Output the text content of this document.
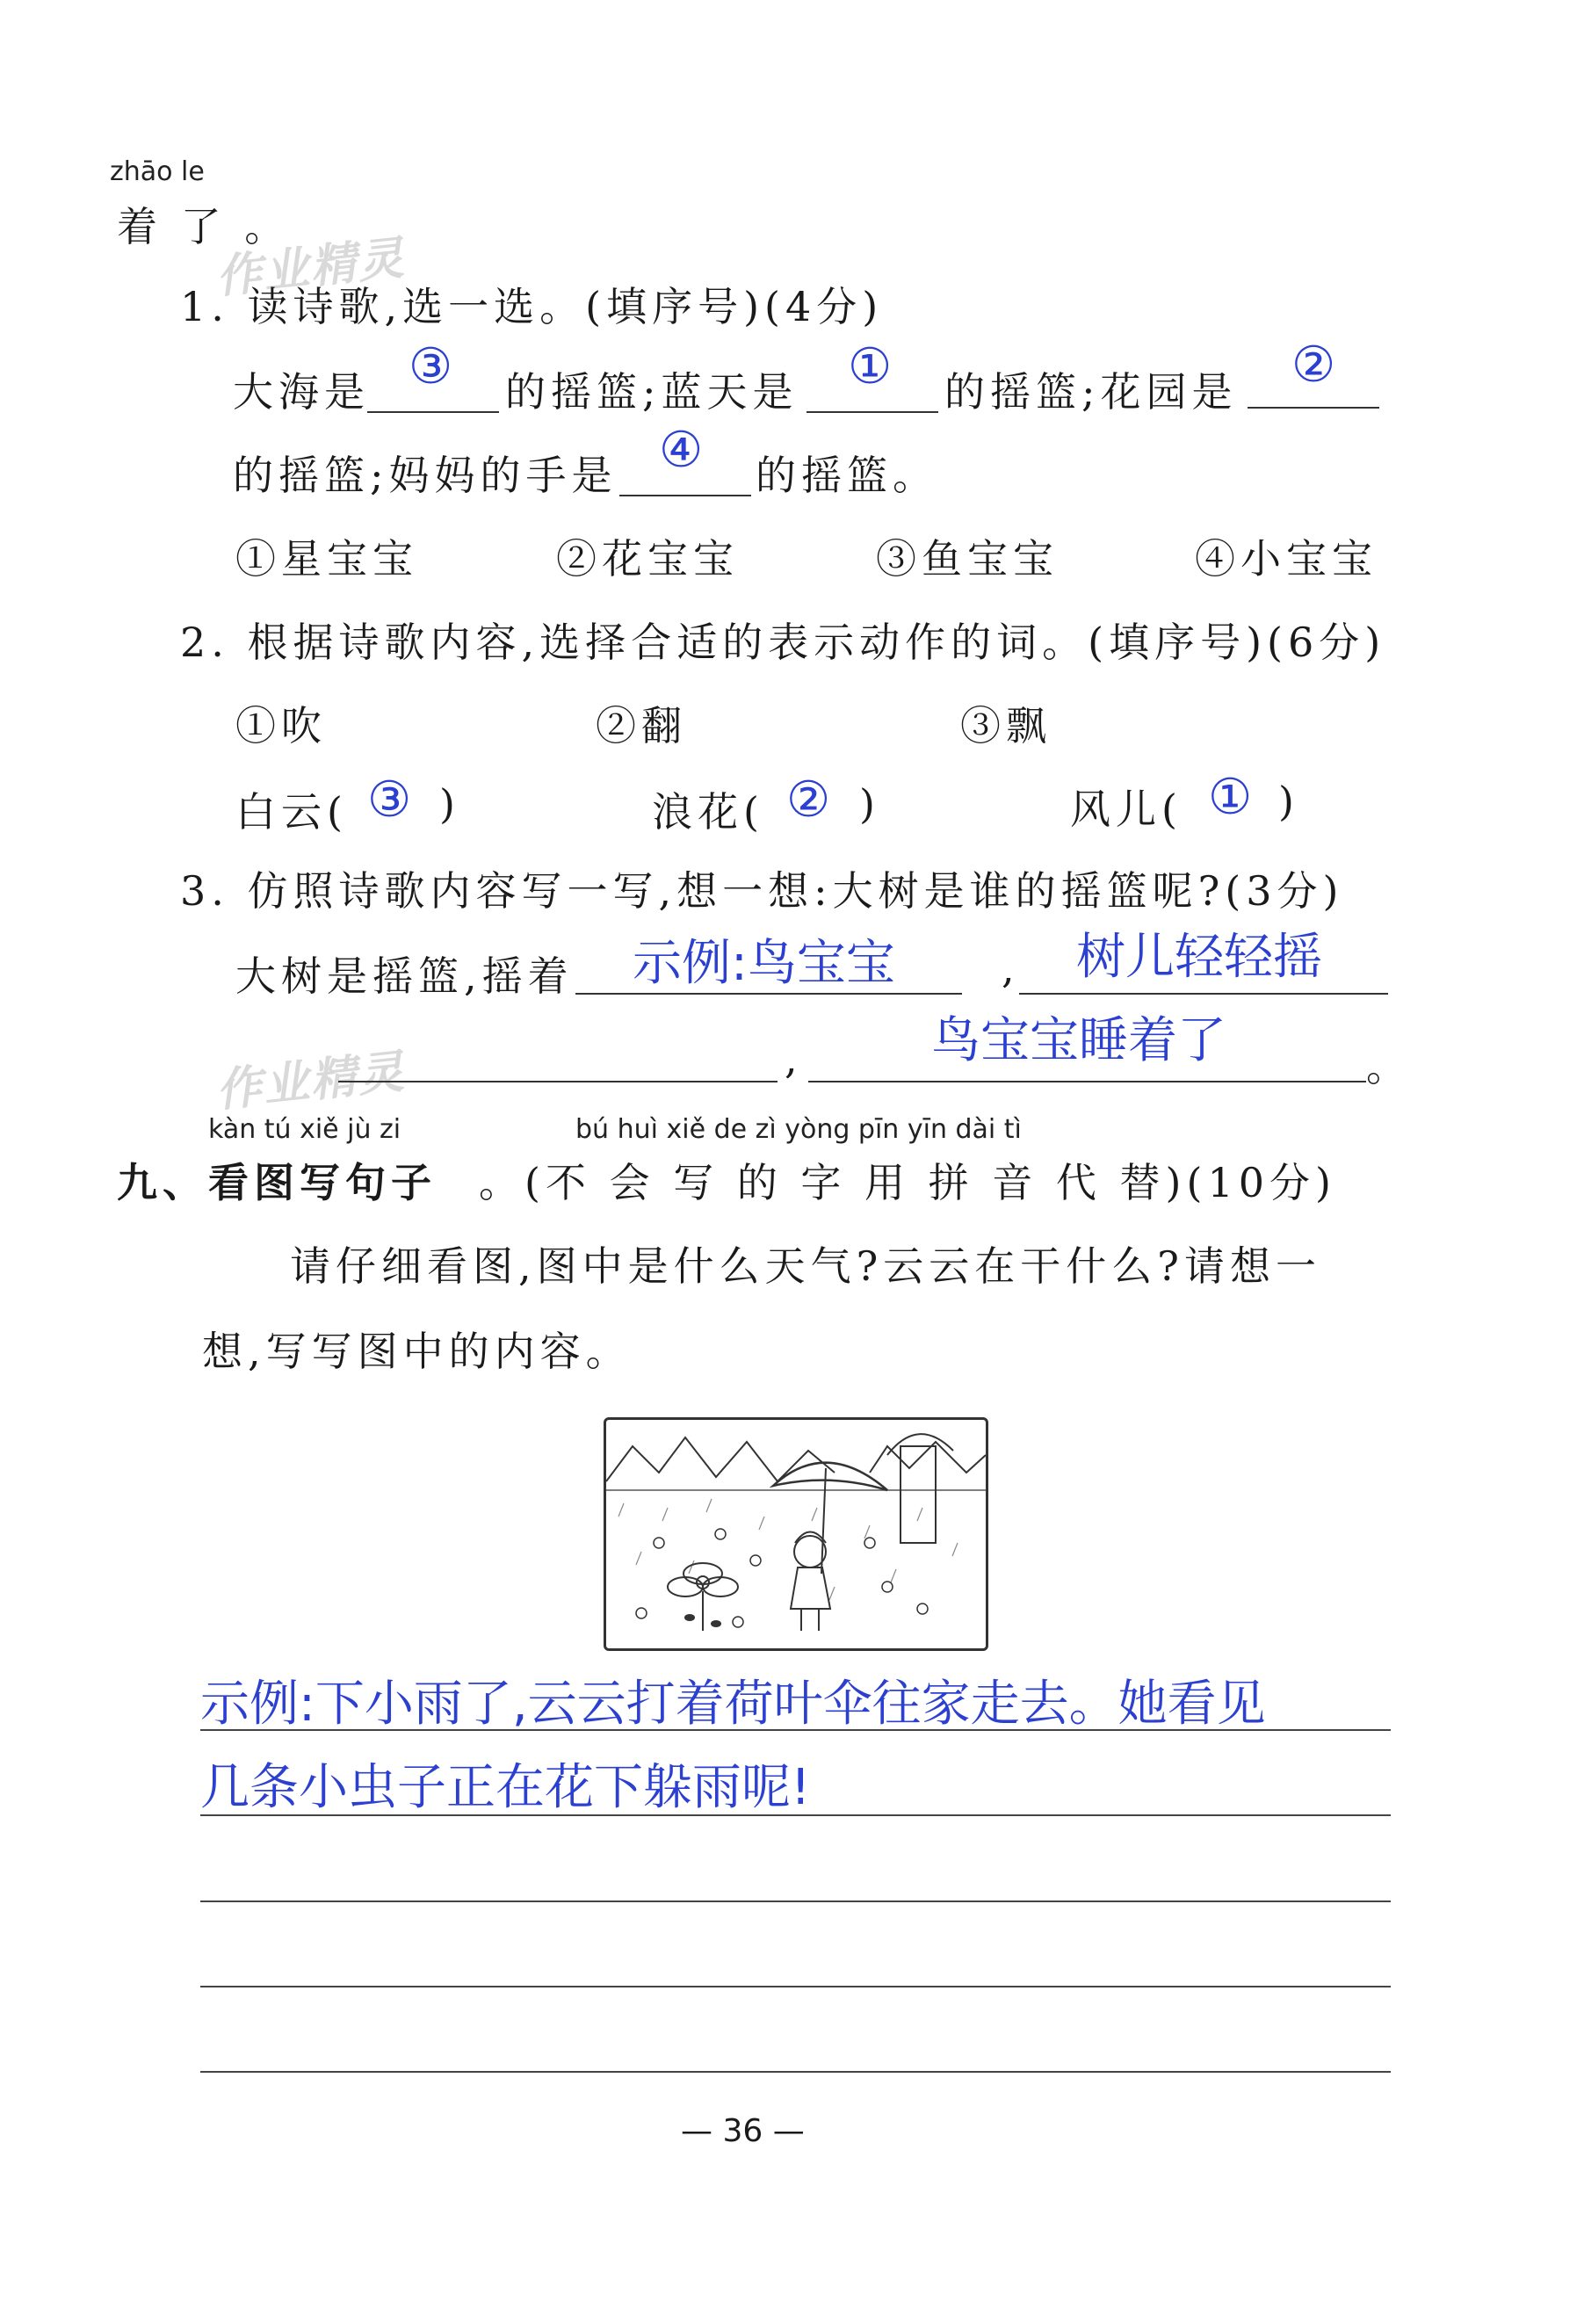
zhāo le
着 了 。
作业精灵
作业精灵
1. 读诗歌,选一选。(填序号)(4分)
大海是 ③ 的摇篮;蓝天是 ① 的摇篮;花园是 ②
的摇篮;妈妈的手是 ④ 的摇篮。
①星宝宝	②花宝宝	③鱼宝宝	④小宝宝
2. 根据诗歌内容,选择合适的表示动作的词。(填序号)(6分)
①吹	②翻	③飘
白云( ③ )	浪花( ② )	风儿( ① )
3. 仿照诗歌内容写一写,想一想:大树是谁的摇篮呢?(3分)
大树是摇篮,摇着 示例:鸟宝宝	, 树儿轻轻摇
,	鸟宝宝睡着了	。
kàn tú xiě jù zi	bú huì xiě de zì yòng pīn yīn dài tì
九、看图写句子 。(不 会 写 的 字 用 拼 音 代 替)(10分)
请仔细看图,图中是什么天气?云云在干什么?请想一
想,写写图中的内容。
示例:下小雨了,云云打着荷叶伞往家走去。她看见
几条小虫子正在花下躲雨呢!
— 36 —
